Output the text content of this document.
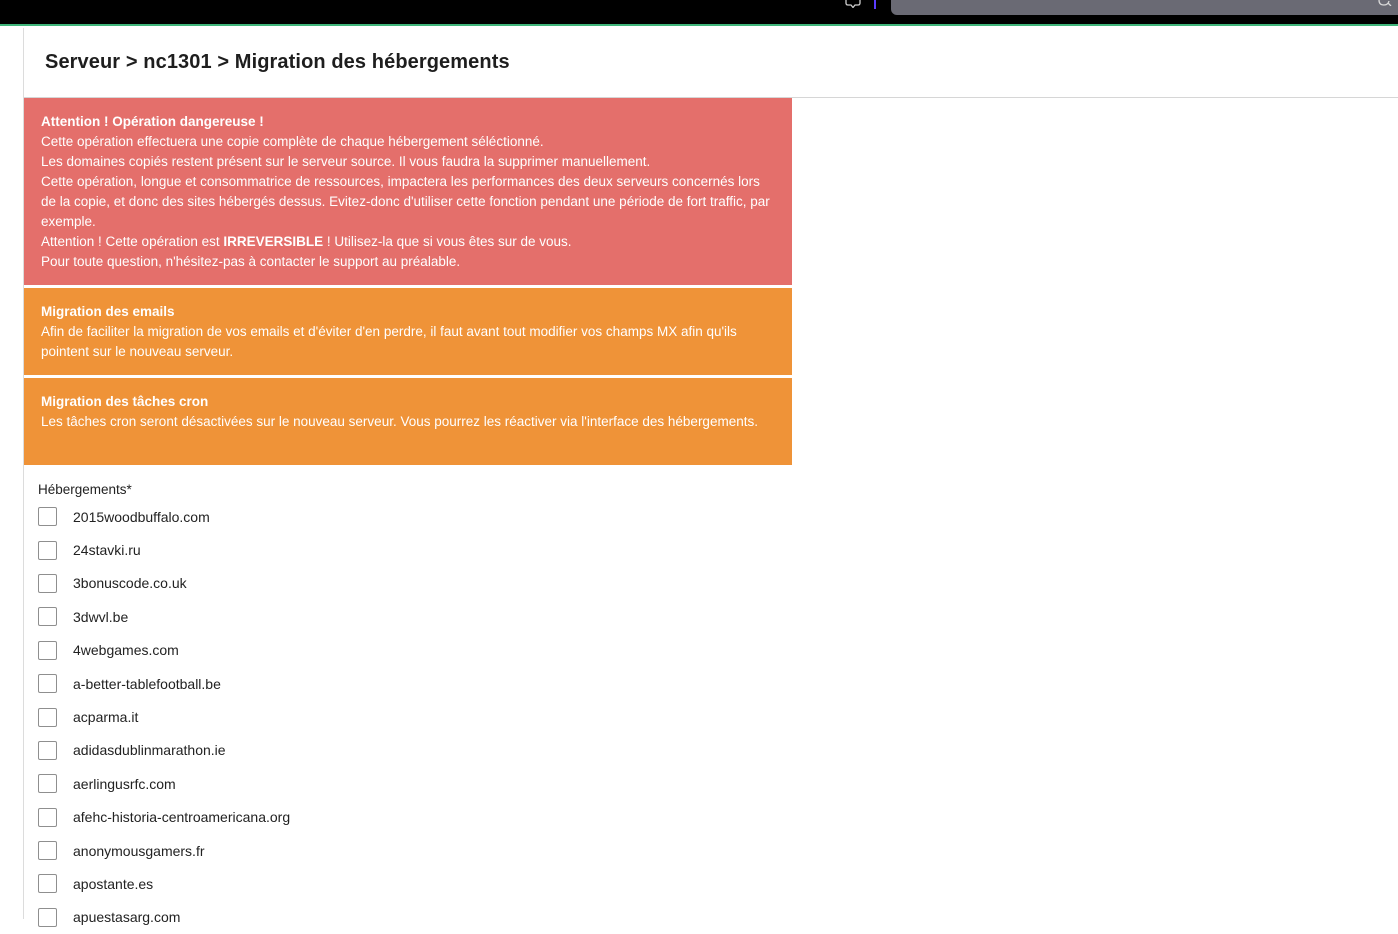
Serveur > nc1301 > Migration des hébergements
Attention ! Opération dangereuse !
Cette opération effectuera une copie complète de chaque hébergement séléctionné.
Les domaines copiés restent présent sur le serveur source. Il vous faudra la supprimer manuellement.
Cette opération, longue et consommatrice de ressources, impactera les performances des deux serveurs concernés lors de la copie, et donc des sites hébergés dessus. Evitez-donc d'utiliser cette fonction pendant une période de fort traffic, par exemple.
Attention ! Cette opération est IRREVERSIBLE ! Utilisez-la que si vous êtes sur de vous.
Pour toute question, n'hésitez-pas à contacter le support au préalable.
Migration des emails
Afin de faciliter la migration de vos emails et d'éviter d'en perdre, il faut avant tout modifier vos champs MX afin qu'ils pointent sur le nouveau serveur.
Migration des tâches cron
Les tâches cron seront désactivées sur le nouveau serveur. Vous pourrez les réactiver via l'interface des hébergements.
Hébergements*
2015woodbuffalo.com
24stavki.ru
3bonuscode.co.uk
3dwvl.be
4webgames.com
a-better-tablefootball.be
acparma.it
adidasdublinmarathon.ie
aerlingusrfc.com
afehc-historia-centroamericana.org
anonymousgamers.fr
apostante.es
apuestasarg.com
